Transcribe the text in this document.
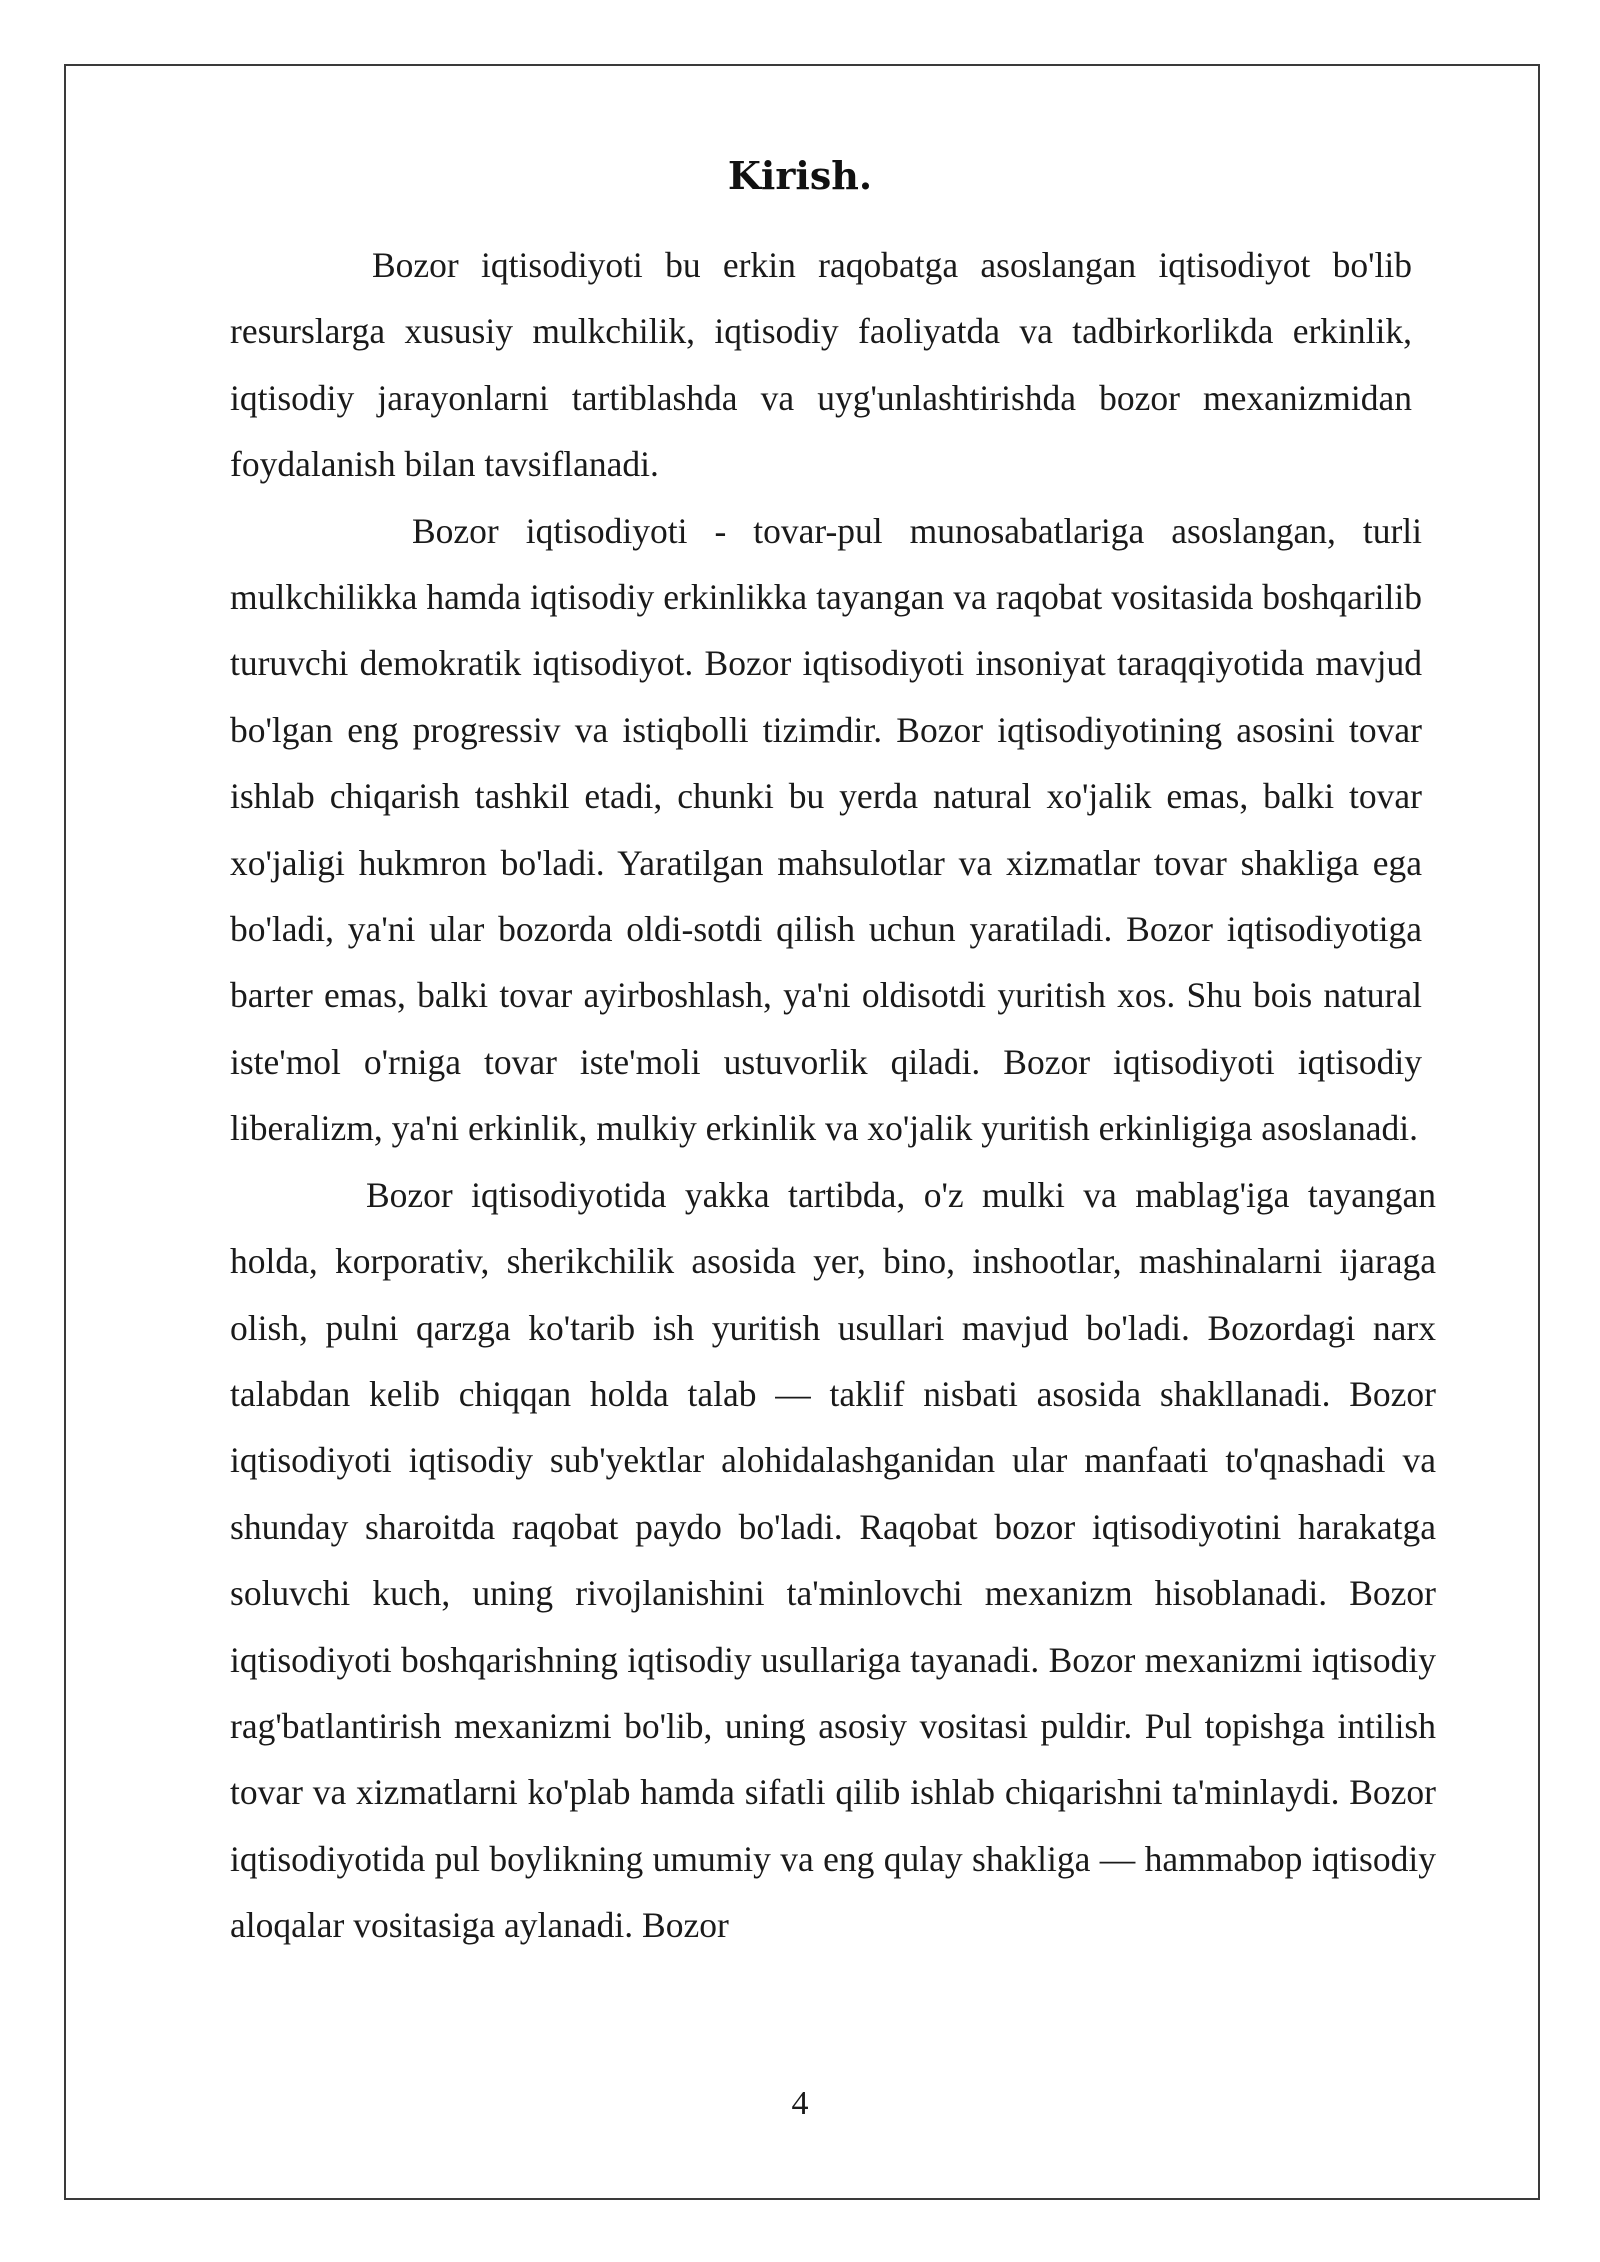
Kirish.

Bozor iqtisodiyoti bu erkin raqobatga asoslangan iqtisodiyot bo'lib resurslarga xususiy mulkchilik, iqtisodiy faoliyatda va tadbirkorlikda erkinlik, iqtisodiy jarayonlarni tartiblashda va uyg'unlashtirishda bozor mexanizmidan foydalanish bilan tavsiflanadi.

Bozor iqtisodiyoti - tovar-pul munosabatlariga asoslangan, turli mulkchilikka hamda iqtisodiy erkinlikka tayangan va raqobat vositasida boshqarilib turuvchi demokratik iqtisodiyot. Bozor iqtisodiyoti insoniyat taraqqiyotida mavjud bo'lgan eng progressiv va istiqbolli tizimdir. Bozor iqtisodiyotining asosini tovar ishlab chiqarish tashkil etadi, chunki bu yerda natural xo'jalik emas, balki tovar xo'jaligi hukmron bo'ladi. Yaratilgan mahsulotlar va xizmatlar tovar shakliga ega bo'ladi, ya'ni ular bozorda oldi-sotdi qilish uchun yaratiladi. Bozor iqtisodiyotiga barter emas, balki tovar ayirboshlash, ya'ni oldisotdi yuritish xos. Shu bois natural iste'mol o'rniga tovar iste'moli ustuvorlik qiladi. Bozor iqtisodiyoti iqtisodiy liberalizm, ya'ni erkinlik, mulkiy erkinlik va xo'jalik yuritish erkinligiga asoslanadi.

Bozor iqtisodiyotida yakka tartibda, o'z mulki va mablag'iga tayangan holda, korporativ, sherikchilik asosida yer, bino, inshootlar, mashinalarni ijaraga olish, pulni qarzga ko'tarib ish yuritish usullari mavjud bo'ladi. Bozordagi narx talabdan kelib chiqqan holda talab — taklif nisbati asosida shakllanadi. Bozor iqtisodiyoti iqtisodiy sub'yektlar alohidalashganidan ular manfaati to'qnashadi va shunday sharoitda raqobat paydo bo'ladi. Raqobat bozor iqtisodiyotini harakatga soluvchi kuch, uning rivojlanishini ta'minlovchi mexanizm hisoblanadi. Bozor iqtisodiyoti boshqarishning iqtisodiy usullariga tayanadi. Bozor mexanizmi iqtisodiy rag'batlantirish mexanizmi bo'lib, uning asosiy vositasi puldir. Pul topishga intilish tovar va xizmatlarni ko'plab hamda sifatli qilib ishlab chiqarishni ta'minlaydi. Bozor iqtisodiyotida pul boylikning umumiy va eng qulay shakliga — hammabop iqtisodiy aloqalar vositasiga aylanadi. Bozor

4
